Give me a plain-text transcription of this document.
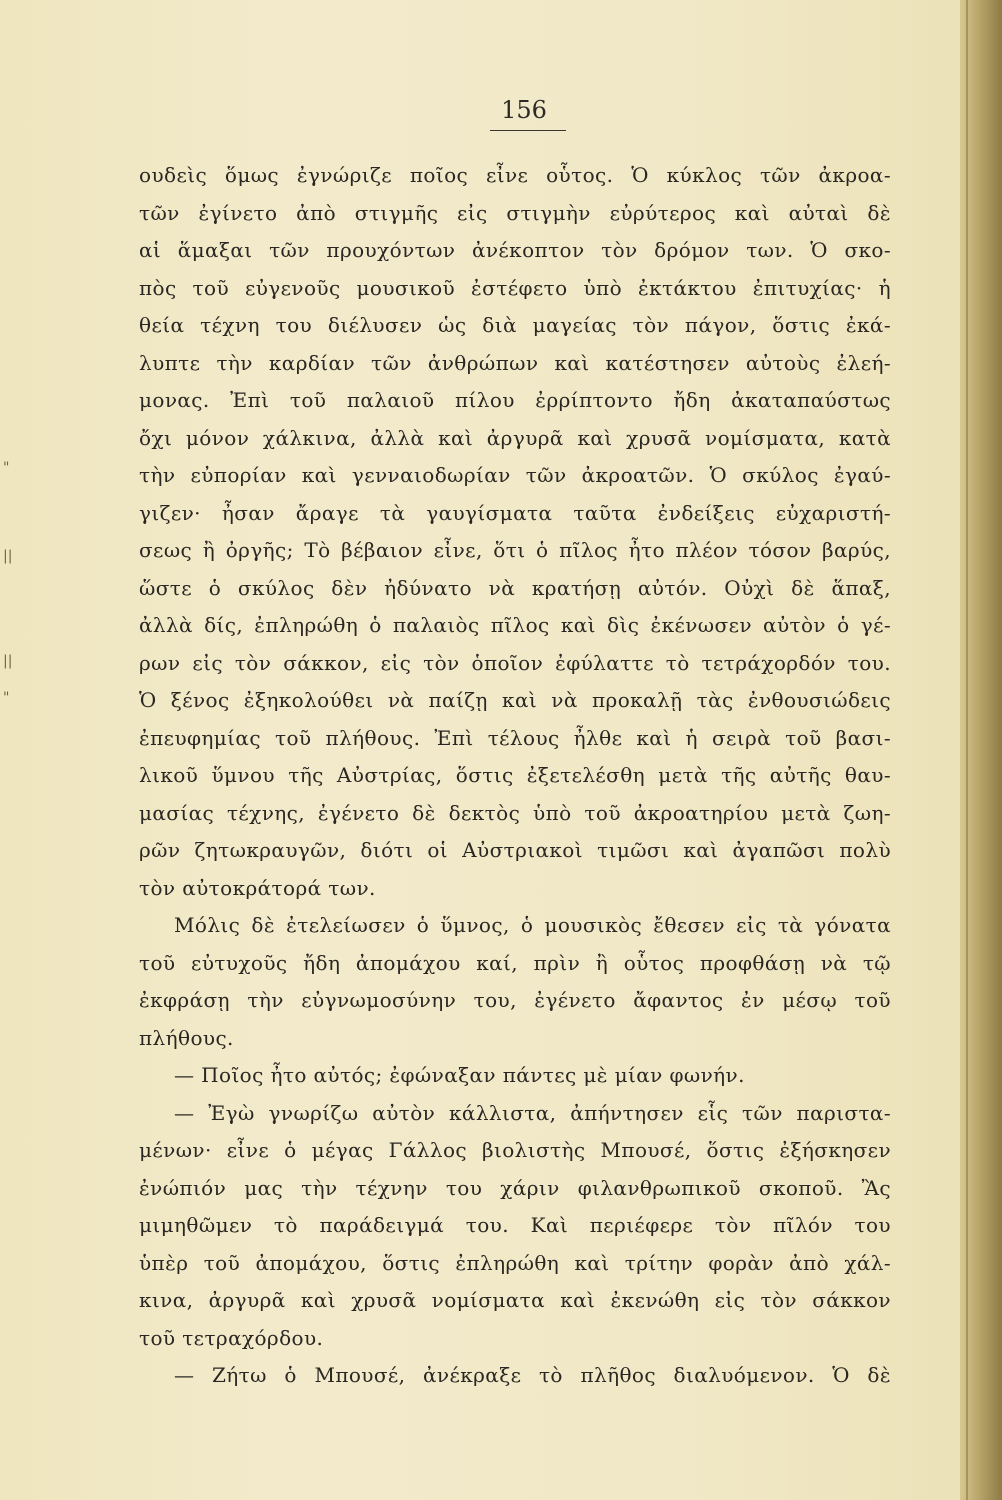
"
||
||
"
156
ουδεὶς ὅμως ἐγνώριζε ποῖος εἶνε οὗτος. Ὁ κύκλος τῶν ἀκροα-
τῶν ἐγίνετο ἀπὸ στιγμῆς εἰς στιγμὴν εὐρύτερος καὶ αὐταὶ δὲ
αἱ ἅμαξαι τῶν προυχόντων ἀνέκοπτον τὸν δρόμον των. Ὁ σκο-
πὸς τοῦ εὐγενοῦς μουσικοῦ ἐστέφετο ὑπὸ ἐκτάκτου ἐπιτυχίας· ἡ
θεία τέχνη του διέλυσεν ὡς διὰ μαγείας τὸν πάγον, ὅστις ἐκά-
λυπτε τὴν καρδίαν τῶν ἀνθρώπων καὶ κατέστησεν αὐτοὺς ἐλεή-
μονας. Ἐπὶ τοῦ παλαιοῦ πίλου ἐρρίπτοντο ἤδη ἀκαταπαύστως
ὄχι μόνον χάλκινα, ἀλλὰ καὶ ἀργυρᾶ καὶ χρυσᾶ νομίσματα, κατὰ
τὴν εὐπορίαν καὶ γενναιοδωρίαν τῶν ἀκροατῶν. Ὁ σκύλος ἐγαύ-
γιζεν· ἦσαν ἄραγε τὰ γαυγίσματα ταῦτα ἐνδείξεις εὐχαριστή-
σεως ἢ ὀργῆς; Τὸ βέβαιον εἶνε, ὅτι ὁ πῖλος ἦτο πλέον τόσον βαρύς,
ὥστε ὁ σκύλος δὲν ἠδύνατο νὰ κρατήσῃ αὐτόν. Οὐχὶ δὲ ἅπαξ,
ἀλλὰ δίς, ἐπληρώθη ὁ παλαιὸς πῖλος καὶ δὶς ἐκένωσεν αὐτὸν ὁ γέ-
ρων εἰς τὸν σάκκον, εἰς τὸν ὁποῖον ἐφύλαττε τὸ τετράχορδόν του.
Ὁ ξένος ἐξηκολούθει νὰ παίζῃ καὶ νὰ προκαλῇ τὰς ἐνθουσιώδεις
ἐπευφημίας τοῦ πλήθους. Ἐπὶ τέλους ἦλθε καὶ ἡ σειρὰ τοῦ βασι-
λικοῦ ὕμνου τῆς Αὐστρίας, ὅστις ἐξετελέσθη μετὰ τῆς αὐτῆς θαυ-
μασίας τέχνης, ἐγένετο δὲ δεκτὸς ὑπὸ τοῦ ἀκροατηρίου μετὰ ζωη-
ρῶν ζητωκραυγῶν, διότι οἱ Αὐστριακοὶ τιμῶσι καὶ ἀγαπῶσι πολὺ
τὸν αὐτοκράτορά των.
Μόλις δὲ ἐτελείωσεν ὁ ὕμνος, ὁ μουσικὸς ἔθεσεν εἰς τὰ γόνατα
τοῦ εὐτυχοῦς ἤδη ἀπομάχου καί, πρὶν ἢ οὗτος προφθάσῃ νὰ τῷ
ἐκφράσῃ τὴν εὐγνωμοσύνην του, ἐγένετο ἄφαντος ἐν μέσῳ τοῦ
πλήθους.
— Ποῖος ἦτο αὐτός; ἐφώναξαν πάντες μὲ μίαν φωνήν.
— Ἐγὼ γνωρίζω αὐτὸν κάλλιστα, ἀπήντησεν εἷς τῶν παριστα-
μένων· εἶνε ὁ μέγας Γάλλος βιολιστὴς Μπουσέ, ὅστις ἐξήσκησεν
ἐνώπιόν μας τὴν τέχνην του χάριν φιλανθρωπικοῦ σκοποῦ. Ἂς
μιμηθῶμεν τὸ παράδειγμά του. Καὶ περιέφερε τὸν πῖλόν του
ὑπὲρ τοῦ ἀπομάχου, ὅστις ἐπληρώθη καὶ τρίτην φορὰν ἀπὸ χάλ-
κινα, ἀργυρᾶ καὶ χρυσᾶ νομίσματα καὶ ἐκενώθη εἰς τὸν σάκκον
τοῦ τετραχόρδου.
— Ζήτω ὁ Μπουσέ, ἀνέκραξε τὸ πλῆθος διαλυόμενον. Ὁ δὲ
